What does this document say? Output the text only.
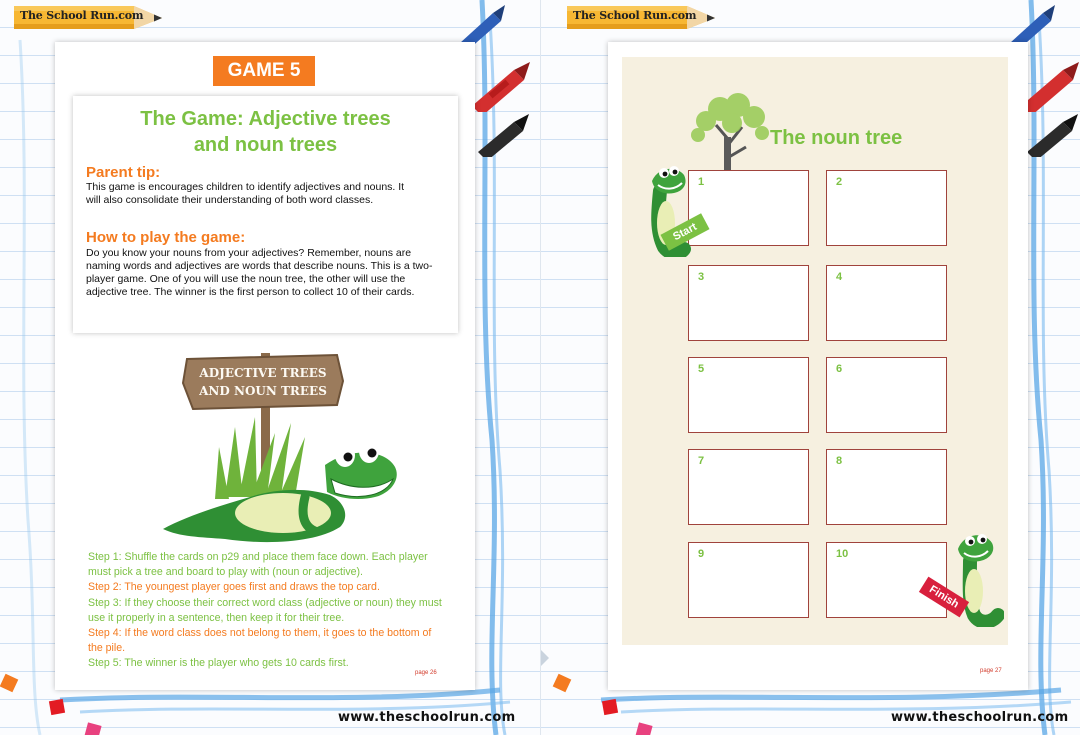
The School Run.com
GAME 5
The Game: Adjective trees
and noun trees
Parent tip:
This game is encourages children to identify adjectives and nouns. It will also consolidate their understanding of both word classes.
How to play the game:
Do you know your nouns from your adjectives? Remember, nouns are naming words and adjectives are words that describe nouns. This is a two-player game. One of you will use the noun tree, the other will use the adjective tree. The winner is the first person to collect 10 of their cards.
ADJECTIVE TREES
AND NOUN TREES
Step 1: Shuffle the cards on p29 and place them face down. Each player must pick a tree and board to play with (noun or adjective).
Step 2: The youngest player goes first and draws the top card.
Step 3: If they choose their correct word class (adjective or noun) they must use it properly in a sentence, then keep it for their tree.
Step 4: If the word class does not belong to them, it goes to the bottom of the pile.
Step 5: The winner is the player who gets 10 cards first.
page 26
www.theschoolrun.com
The School Run.com
The noun tree
1	2
3	4
5	6
7	8
9	10
Start
Finish
page 27
www.theschoolrun.com
